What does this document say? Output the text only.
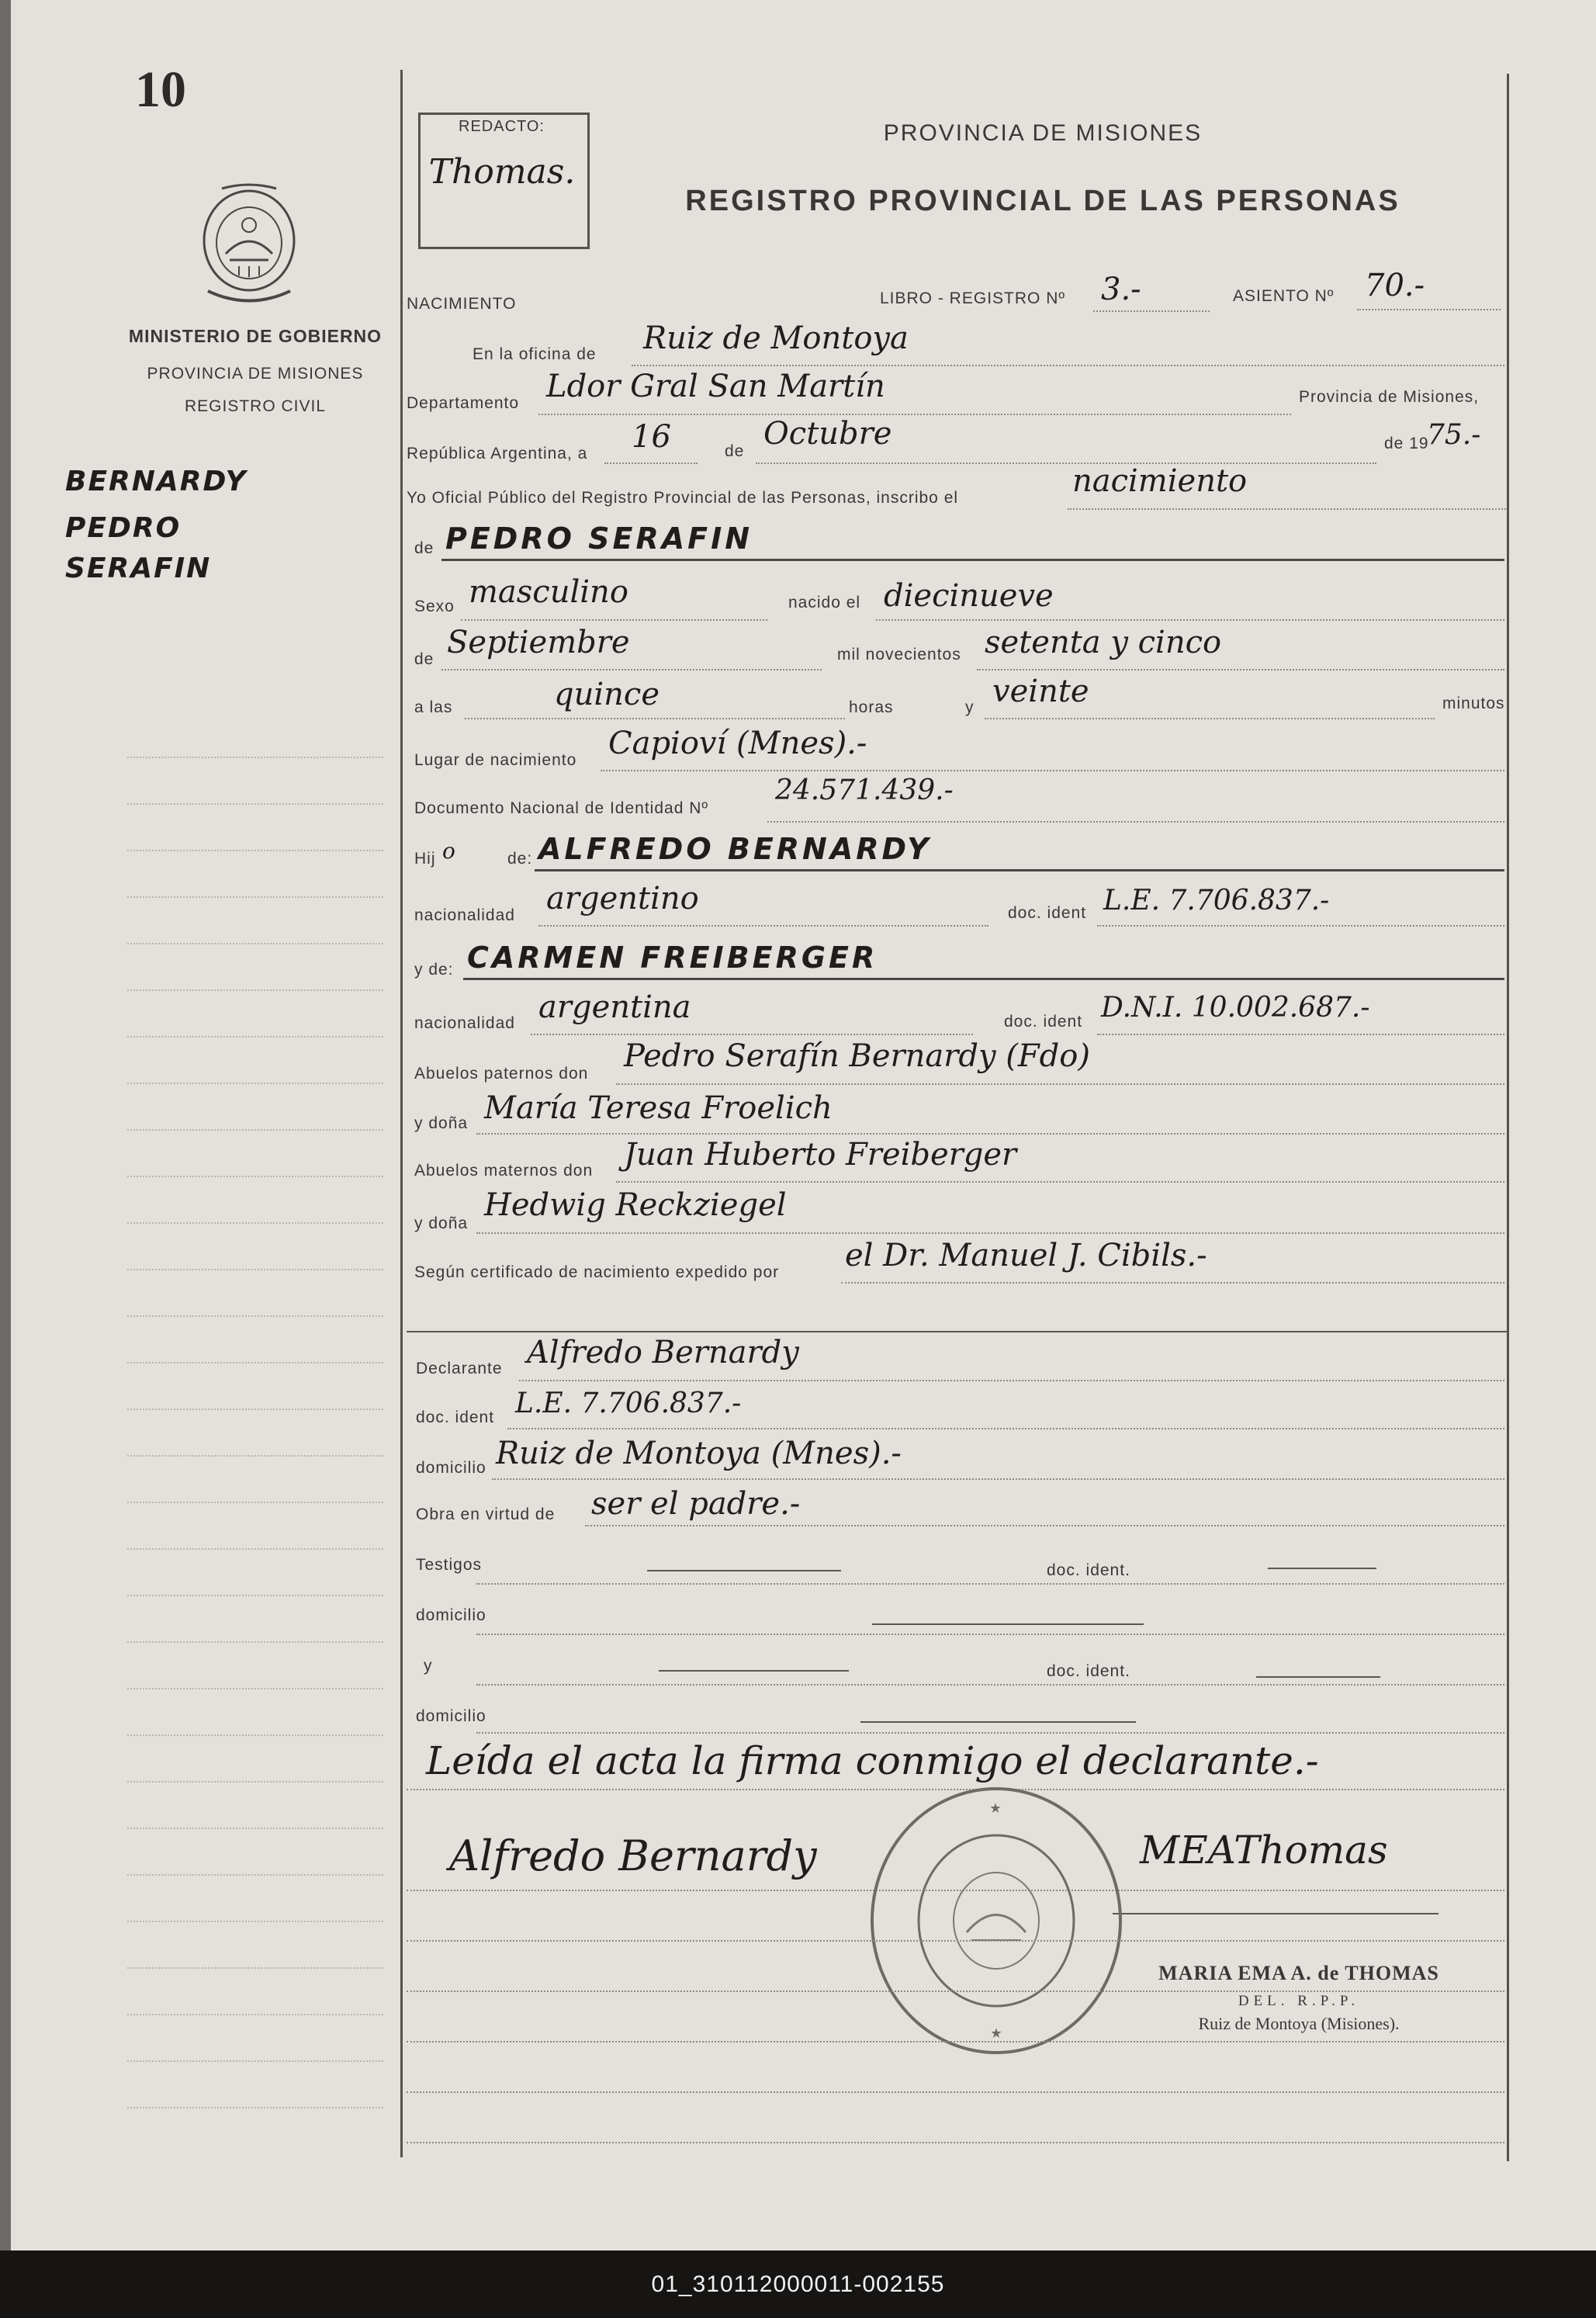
10
MINISTERIO DE GOBIERNO
PROVINCIA DE MISIONES
REGISTRO CIVIL
BERNARDY
PEDRO
SERAFIN
REDACTO:
Thomas.
PROVINCIA DE MISIONES
REGISTRO PROVINCIAL DE LAS PERSONAS
NACIMIENTO	LIBRO - REGISTRO Nº 3.-	ASIENTO Nº 70.-
En la oficina de Ruiz de Montoya
Departamento Ldor Gral San Martín	Provincia de Misiones,
República Argentina, a 16	de Octubre	de 19
75.-
Yo Oficial Público del Registro Provincial de las Personas, inscribo el	nacimiento
de PEDRO SERAFIN
Sexo masculino	nacido el diecinueve
de Septiembre	mil novecientos setenta y cinco
a las	quince	horas	y veinte	minutos
Lugar de nacimiento Capioví (Mnes).-
Documento Nacional de Identidad Nº
24.571.439.-
Hij o	de: ALFREDO BERNARDY
nacionalidad argentino	doc. ident L.E. 7.706.837.-
y de: CARMEN FREIBERGER
nacionalidad argentina	doc. ident D.N.I. 10.002.687.-
Abuelos paternos don Pedro Serafín Bernardy (Fdo)
y doña María Teresa Froelich
Abuelos maternos don Juan Huberto Freiberger
y doña
Hedwig Reckziegel
Según certificado de nacimiento expedido por el Dr. Manuel J. Cibils.-
Declarante Alfredo Bernardy
doc. ident L.E. 7.706.837.-
domicilio Ruiz de Montoya (Mnes).-
Obra en virtud de ser el padre.-
Testigos	doc. ident.
domicilio
y	doc. ident.
domicilio
Leída el acta la firma conmigo el declarante.-
Alfredo Bernardy	MEAThomas
★
★
MARIA EMA A. de THOMAS
DEL. R.P.P.
Ruiz de Montoya (Misiones).
01_310112000011-002155
